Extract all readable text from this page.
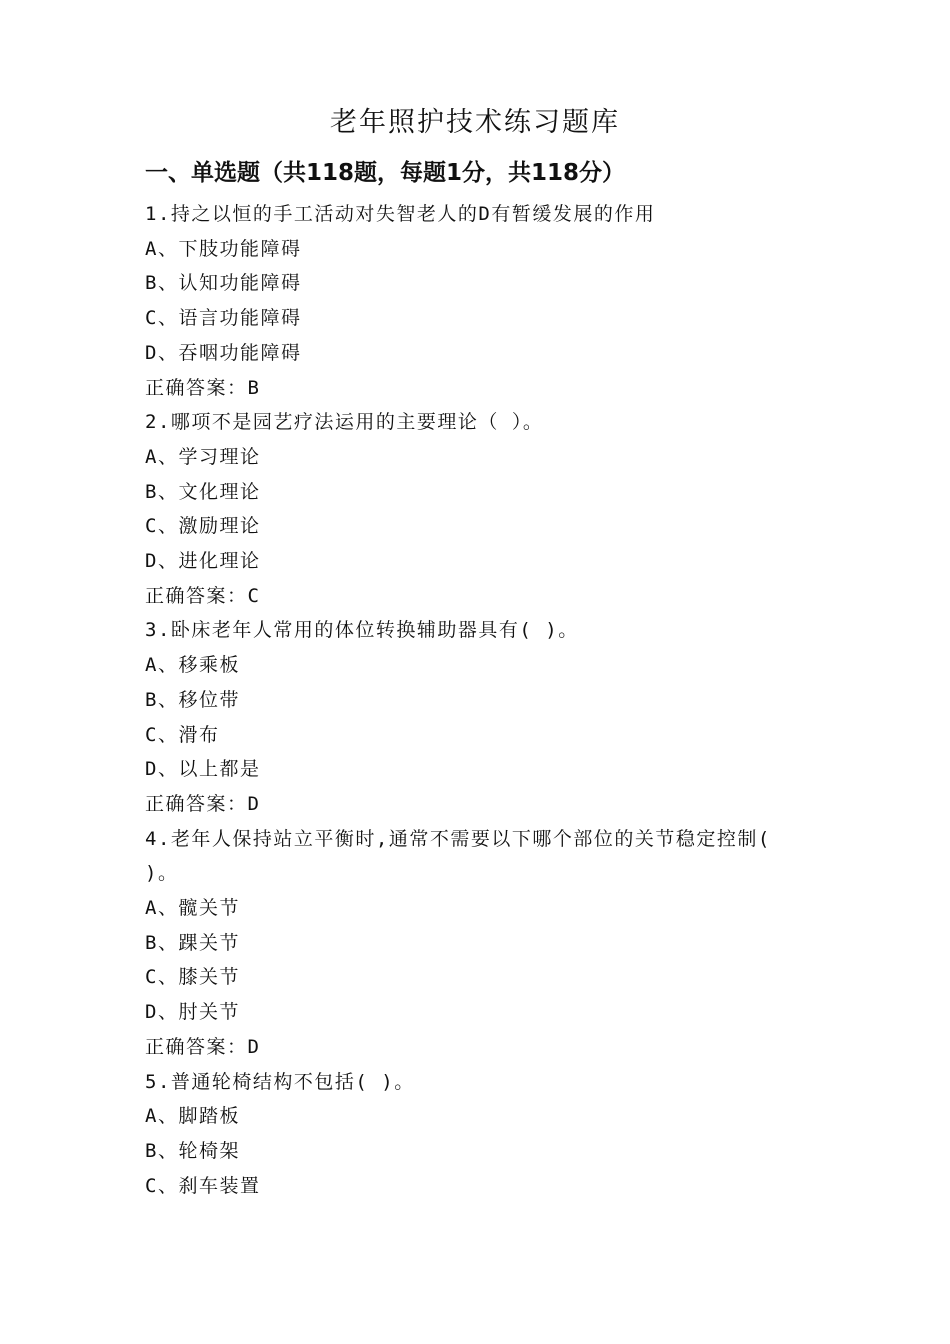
老年照护技术练习题库
一、单选题（共118题，每题1分，共118分）
1.持之以恒的手工活动对失智老人的D有暂缓发展的作用
A、下肢功能障碍
B、认知功能障碍
C、语言功能障碍
D、吞咽功能障碍
正确答案：B
2.哪项不是园艺疗法运用的主要理论（ ）。
A、学习理论
B、文化理论
C、激励理论
D、进化理论
正确答案：C
3.卧床老年人常用的体位转换辅助器具有( )。
A、移乘板
B、移位带
C、滑布
D、以上都是
正确答案：D
4.老年人保持站立平衡时,通常不需要以下哪个部位的关节稳定控制( )。
A、髋关节
B、踝关节
C、膝关节
D、肘关节
正确答案：D
5.普通轮椅结构不包括( )。
A、脚踏板
B、轮椅架
C、刹车装置
